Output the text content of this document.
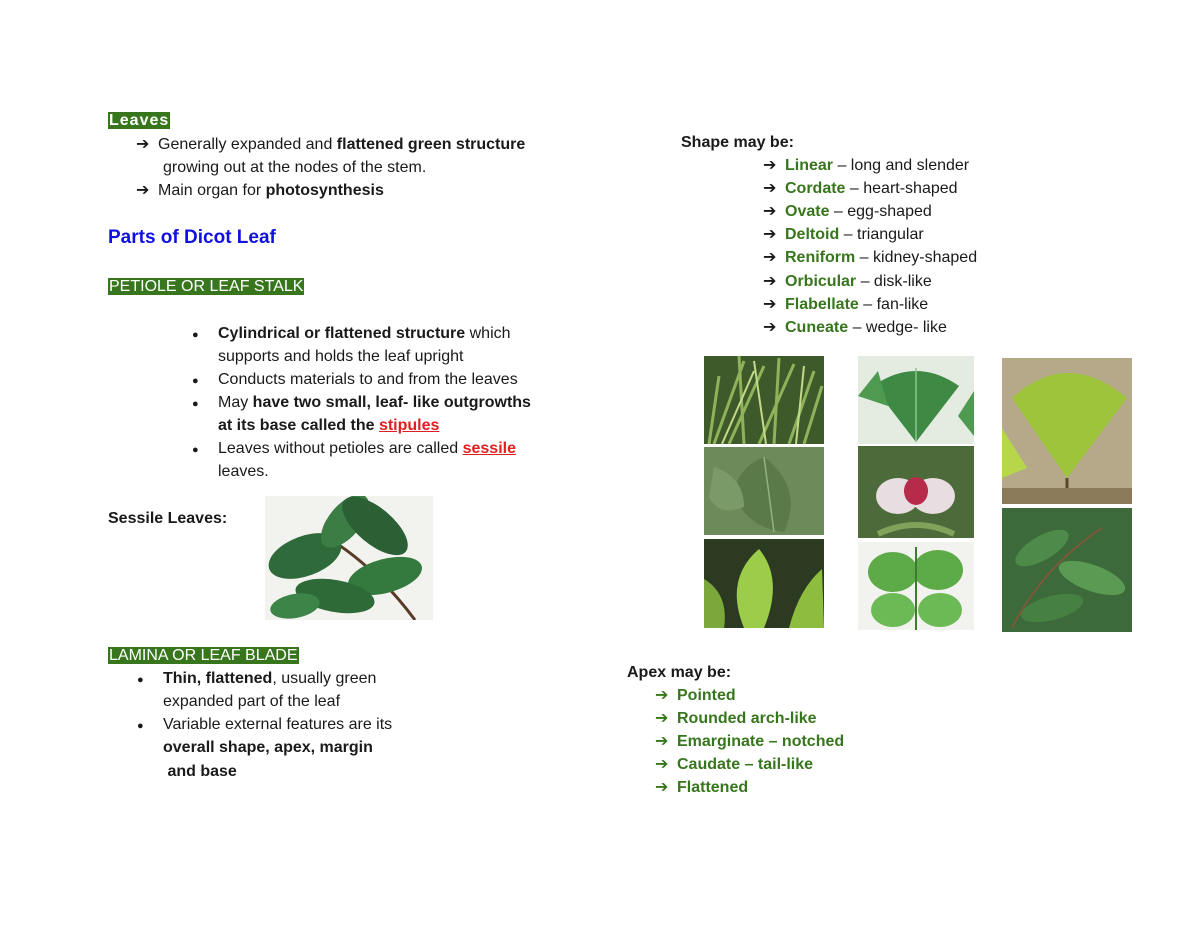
Leaves
➔ Generally expanded and flattened green structure
growing out at the nodes of the stem.
➔ Main organ for photosynthesis
Parts of Dicot Leaf
PETIOLE OR LEAF STALK
● Cylindrical or flattened structure which
supports and holds the leaf upright
● Conducts materials to and from the leaves
● May have two small, leaf- like outgrowths
at its base called the stipules
● Leaves without petioles are called sessile
leaves.
Sessile Leaves:
LAMINA OR LEAF BLADE
● Thin, flattened, usually green
expanded part of the leaf
● Variable external features are its
overall shape, apex, margin
and base
Shape may be:
➔ Linear – long and slender
➔ Cordate – heart-shaped
➔ Ovate – egg-shaped
➔ Deltoid – triangular
➔ Reniform – kidney-shaped
➔ Orbicular – disk-like
➔ Flabellate – fan-like
➔ Cuneate – wedge- like
Apex may be:
➔ Pointed
➔ Rounded arch-like
➔ Emarginate – notched
➔ Caudate – tail-like
➔ Flattened
